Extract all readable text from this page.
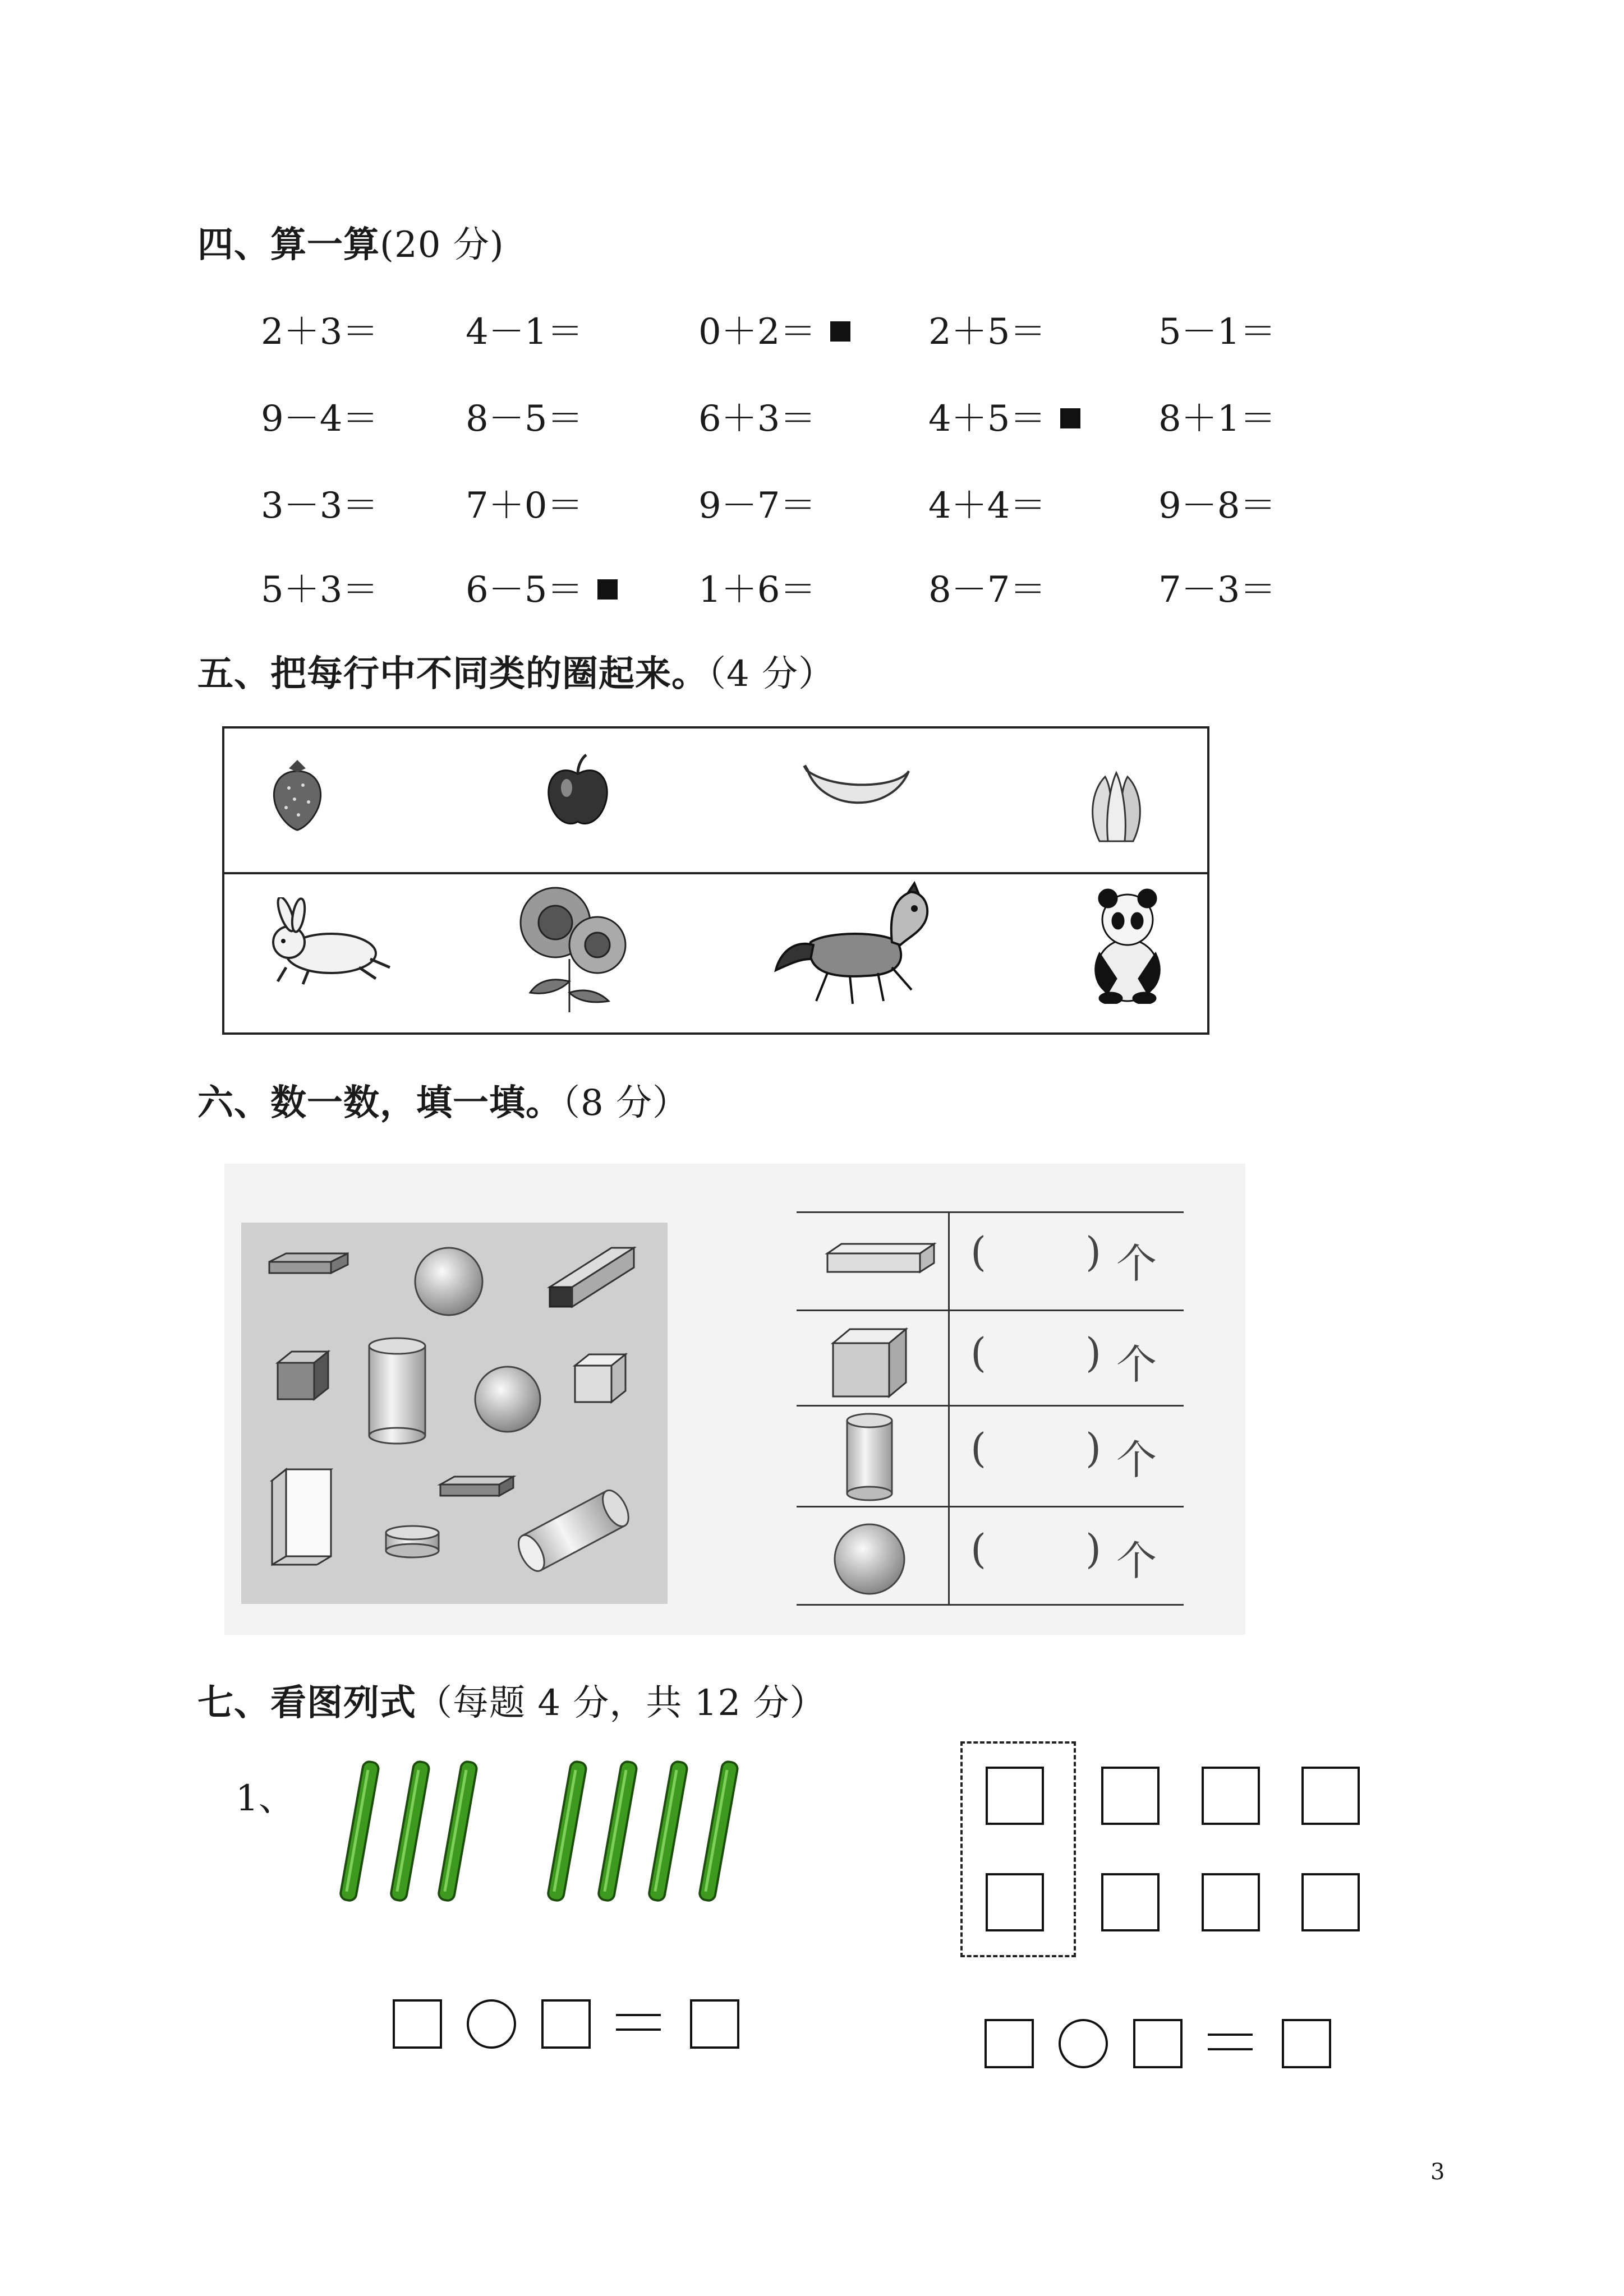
四、算一算(20 分)
2＋3＝ 4－1＝	0＋2＝	2＋5＝	5－1＝
9－4＝ 8－5＝	6＋3＝	4＋5＝	8＋1＝
3－3＝ 7＋0＝	9－7＝	4＋4＝	9－8＝
5＋3＝ 6－5＝	1＋6＝	8－7＝	7－3＝
五、把每行中不同类的圈起来。（4 分）
六、数一数，填一填。（8 分）
( ) 个
( ) 个
( ) 个
( ) 个
七、看图列式（每题 4 分，共 12 分）
1、
3
